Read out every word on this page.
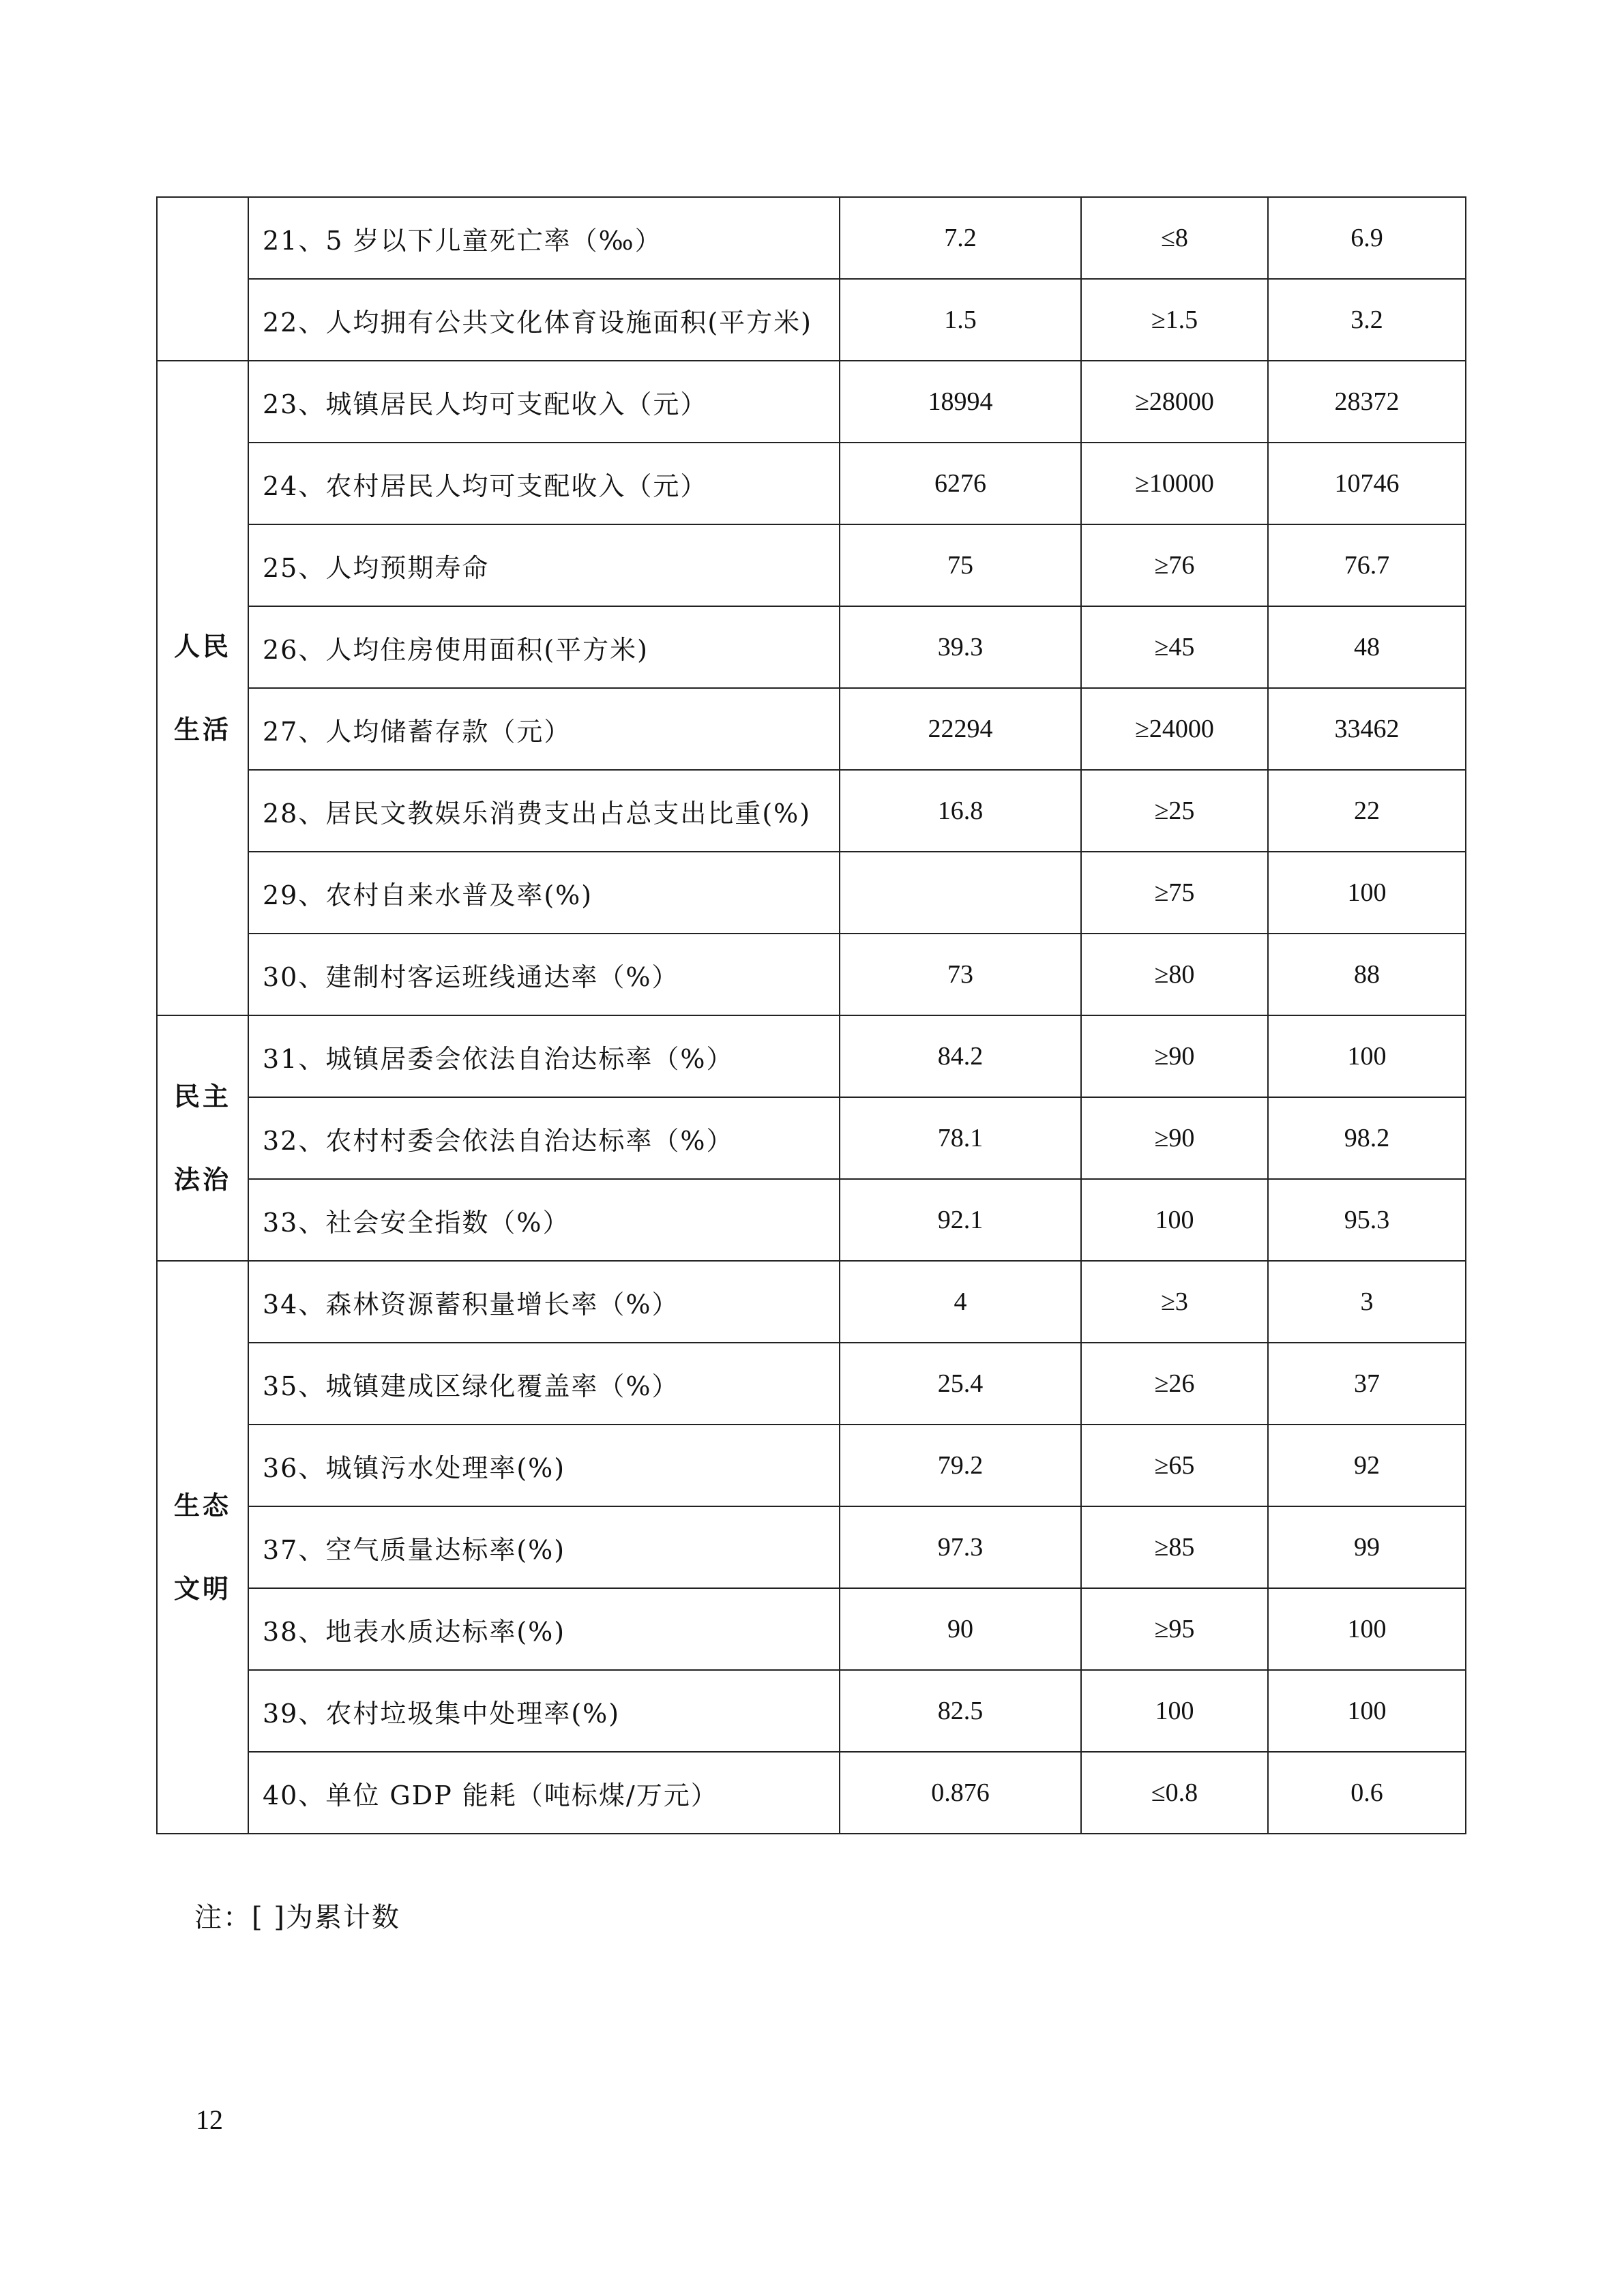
	21、5 岁以下儿童死亡率（‰）	7.2	≤8	6.9
	22、人均拥有公共文化体育设施面积(平方米)	1.5	≥1.5	3.2

人民
生活	23、城镇居民人均可支配收入（元）	18994	≥28000	28372
	24、农村居民人均可支配收入（元）	6276	≥10000	10746
	25、人均预期寿命	75	≥76	76.7
	26、人均住房使用面积(平方米)	39.3	≥45	48
	27、人均储蓄存款（元）	22294	≥24000	33462
	28、居民文教娱乐消费支出占总支出比重(%)	16.8	≥25	22
	29、农村自来水普及率(%)		≥75	100
	30、建制村客运班线通达率（%）	73	≥80	88

民主
法治	31、城镇居委会依法自治达标率（%）	84.2	≥90	100
	32、农村村委会依法自治达标率（%）	78.1	≥90	98.2
	33、社会安全指数（%）	92.1	100	95.3

生态
文明	34、森林资源蓄积量增长率（%）	4	≥3	3
	35、城镇建成区绿化覆盖率（%）	25.4	≥26	37
	36、城镇污水处理率(%)	79.2	≥65	92
	37、空气质量达标率(%)	97.3	≥85	99
	38、地表水质达标率(%)	90	≥95	100
	39、农村垃圾集中处理率(%)	82.5	100	100
	40、单位 GDP 能耗（吨标煤/万元）	0.876	≤0.8	0.6
注：[ ]为累计数
12
